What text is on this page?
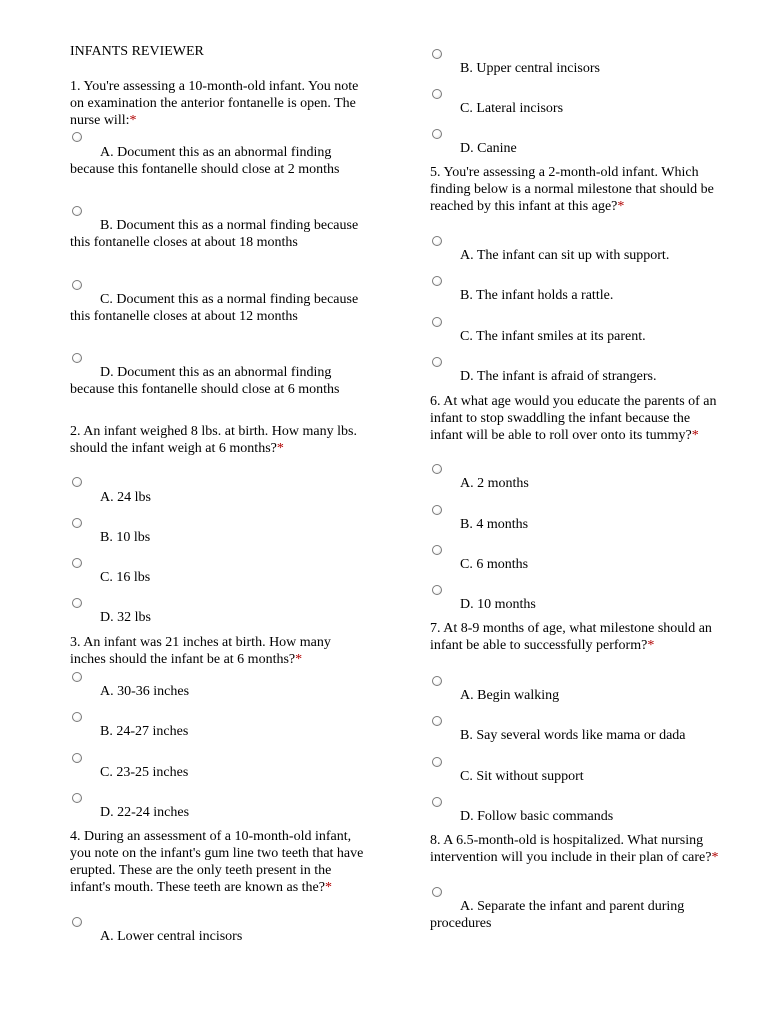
INFANTS REVIEWER
1. You're assessing a 10-month-old infant. You note on examination the anterior fontanelle is open. The nurse will:*
A. Document this as an abnormal finding because this fontanelle should close at 2 months
B. Document this as a normal finding because this fontanelle closes at about 18 months
C. Document this as a normal finding because this fontanelle closes at about 12 months
D. Document this as an abnormal finding because this fontanelle should close at 6 months
2. An infant weighed 8 lbs. at birth. How many lbs. should the infant weigh at 6 months?*
A. 24 lbs
B. 10 lbs
C. 16 lbs
D. 32 lbs
3. An infant was 21 inches at birth. How many inches should the infant be at 6 months?*
A. 30-36 inches
B. 24-27 inches
C. 23-25 inches
D. 22-24 inches
4. During an assessment of a 10-month-old infant, you note on the infant's gum line two teeth that have erupted. These are the only teeth present in the infant's mouth. These teeth are known as the?*
A. Lower central incisors
B. Upper central incisors
C. Lateral incisors
D. Canine
5. You're assessing a 2-month-old infant. Which finding below is a normal milestone that should be reached by this infant at this age?*
A. The infant can sit up with support.
B. The infant holds a rattle.
C. The infant smiles at its parent.
D. The infant is afraid of strangers.
6. At what age would you educate the parents of an infant to stop swaddling the infant because the infant will be able to roll over onto its tummy?*
A. 2 months
B. 4 months
C. 6 months
D. 10 months
7. At 8-9 months of age, what milestone should an infant be able to successfully perform?*
A. Begin walking
B. Say several words like mama or dada
C. Sit without support
D. Follow basic commands
8. A 6.5-month-old is hospitalized. What nursing intervention will you include in their plan of care?*
A. Separate the infant and parent during procedures
